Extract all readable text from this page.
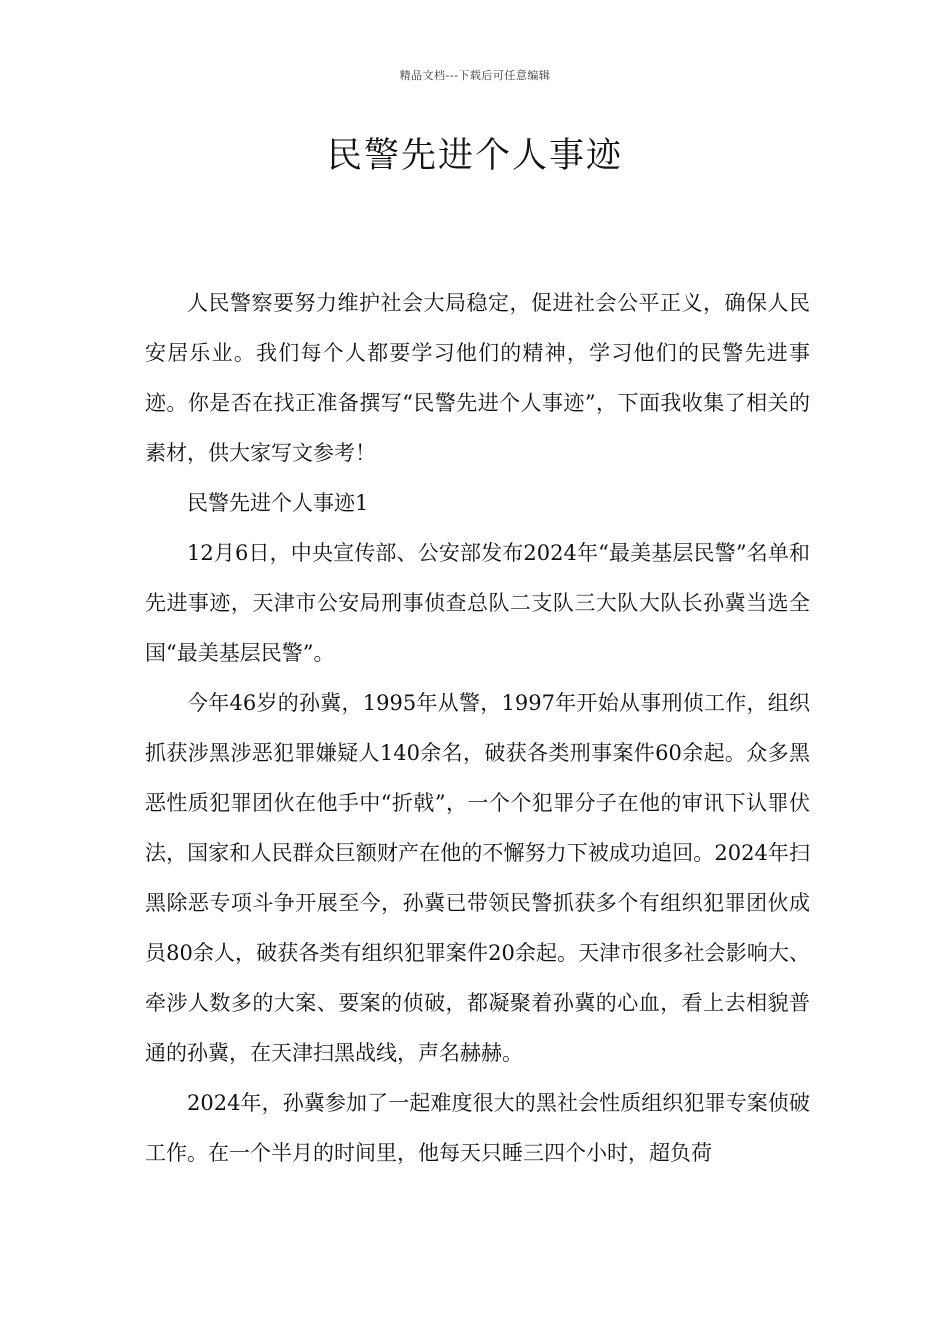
精品文档---下载后可任意编辑
民警先进个人事迹

人民警察要努力维护社会大局稳定，促进社会公平正义，确保人民安居乐业。我们每个人都要学习他们的精神，学习他们的民警先进事迹。你是否在找正准备撰写“民警先进个人事迹”，下面我收集了相关的素材，供大家写文参考！

民警先进个人事迹1

12月6日，中央宣传部、公安部发布2024年“最美基层民警”名单和先进事迹，天津市公安局刑事侦查总队二支队三大队大队长孙冀当选全国“最美基层民警”。

今年46岁的孙冀，1995年从警，1997年开始从事刑侦工作，组织抓获涉黑涉恶犯罪嫌疑人140余名，破获各类刑事案件60余起。众多黑恶性质犯罪团伙在他手中“折戟”，一个个犯罪分子在他的审讯下认罪伏法，国家和人民群众巨额财产在他的不懈努力下被成功追回。2024年扫黑除恶专项斗争开展至今，孙冀已带领民警抓获多个有组织犯罪团伙成员80余人，破获各类有组织犯罪案件20余起。天津市很多社会影响大、牵涉人数多的大案、要案的侦破，都凝聚着孙冀的心血，看上去相貌普通的孙冀，在天津扫黑战线，声名赫赫。

2024年，孙冀参加了一起难度很大的黑社会性质组织犯罪专案侦破工作。在一个半月的时间里，他每天只睡三四个小时，超负荷
